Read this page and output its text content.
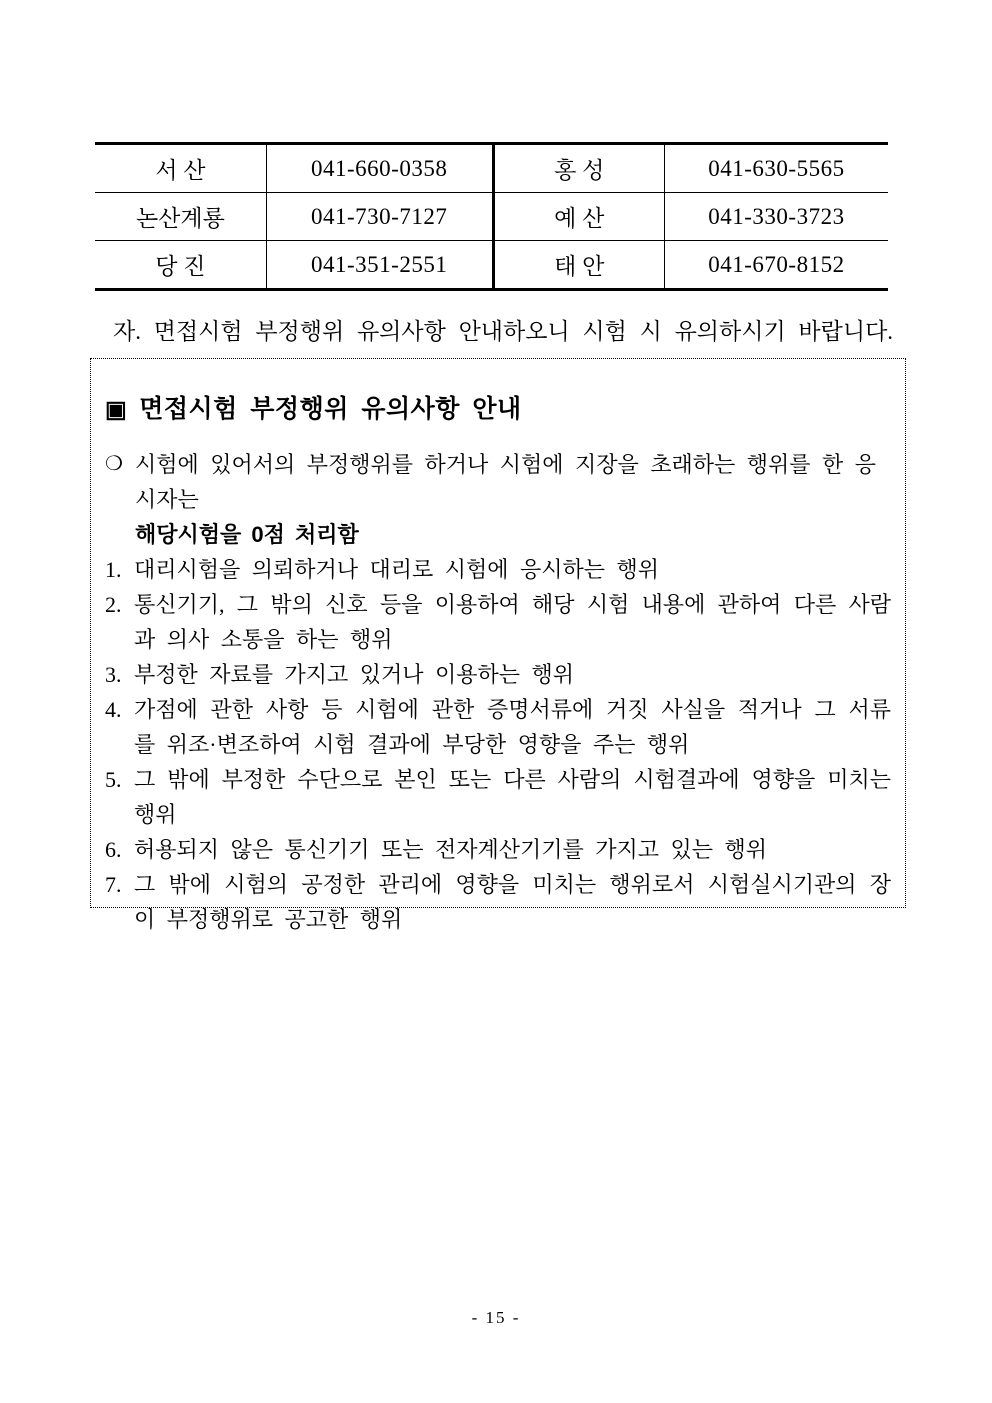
서 산	041-660-0358	홍 성	041-630-5565
논산계룡	041-730-7127	예 산	041-330-3723
당 진	041-351-2551	태 안	041-670-8152
자. 면접시험 부정행위 유의사항 안내하오니 시험 시 유의하시기 바랍니다.
▣ 면접시험 부정행위 유의사항 안내
❍ 시험에 있어서의 부정행위를 하거나 시험에 지장을 초래하는 행위를 한 응시자는
해당시험을 0점 처리함
1. 대리시험을 의뢰하거나 대리로 시험에 응시하는 행위
2. 통신기기, 그 밖의 신호 등을 이용하여 해당 시험 내용에 관하여 다른 사람과 의사 소통을 하는 행위
3. 부정한 자료를 가지고 있거나 이용하는 행위
4. 가점에 관한 사항 등 시험에 관한 증명서류에 거짓 사실을 적거나 그 서류를 위조·변조하여 시험 결과에 부당한 영향을 주는 행위
5. 그 밖에 부정한 수단으로 본인 또는 다른 사람의 시험결과에 영향을 미치는 행위
6. 허용되지 않은 통신기기 또는 전자계산기기를 가지고 있는 행위
7. 그 밖에 시험의 공정한 관리에 영향을 미치는 행위로서 시험실시기관의 장이 부정행위로 공고한 행위
- 15 -
